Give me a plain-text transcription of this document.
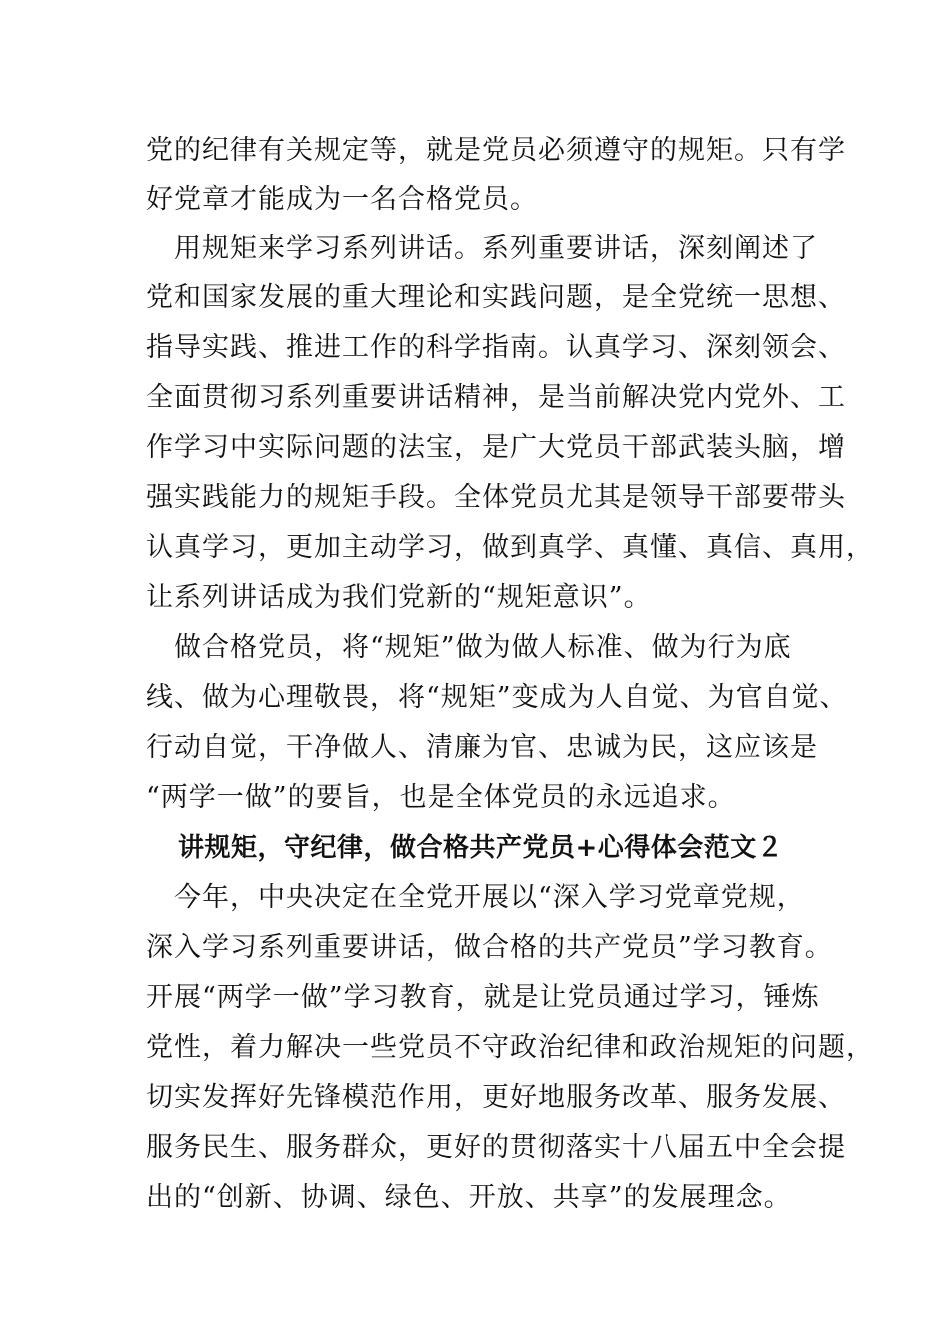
党的纪律有关规定等，就是党员必须遵守的规矩。只有学
好党章才能成为一名合格党员。
　用规矩来学习系列讲话。系列重要讲话，深刻阐述了
党和国家发展的重大理论和实践问题，是全党统一思想、
指导实践、推进工作的科学指南。认真学习、深刻领会、
全面贯彻习系列重要讲话精神，是当前解决党内党外、工
作学习中实际问题的法宝，是广大党员干部武装头脑，增
强实践能力的规矩手段。全体党员尤其是领导干部要带头
认真学习，更加主动学习，做到真学、真懂、真信、真用，
让系列讲话成为我们党新的“规矩意识”。
　做合格党员，将“规矩”做为做人标准、做为行为底
线、做为心理敬畏，将“规矩”变成为人自觉、为官自觉、
行动自觉，干净做人、清廉为官、忠诚为民，这应该是
“两学一做”的要旨，也是全体党员的永远追求。
讲规矩，守纪律，做合格共产党员+心得体会范文２
　今年，中央决定在全党开展以“深入学习党章党规，
深入学习系列重要讲话，做合格的共产党员”学习教育。
开展“两学一做”学习教育，就是让党员通过学习，锤炼
党性，着力解决一些党员不守政治纪律和政治规矩的问题，
切实发挥好先锋模范作用，更好地服务改革、服务发展、
服务民生、服务群众，更好的贯彻落实十八届五中全会提
出的“创新、协调、绿色、开放、共享”的发展理念。
